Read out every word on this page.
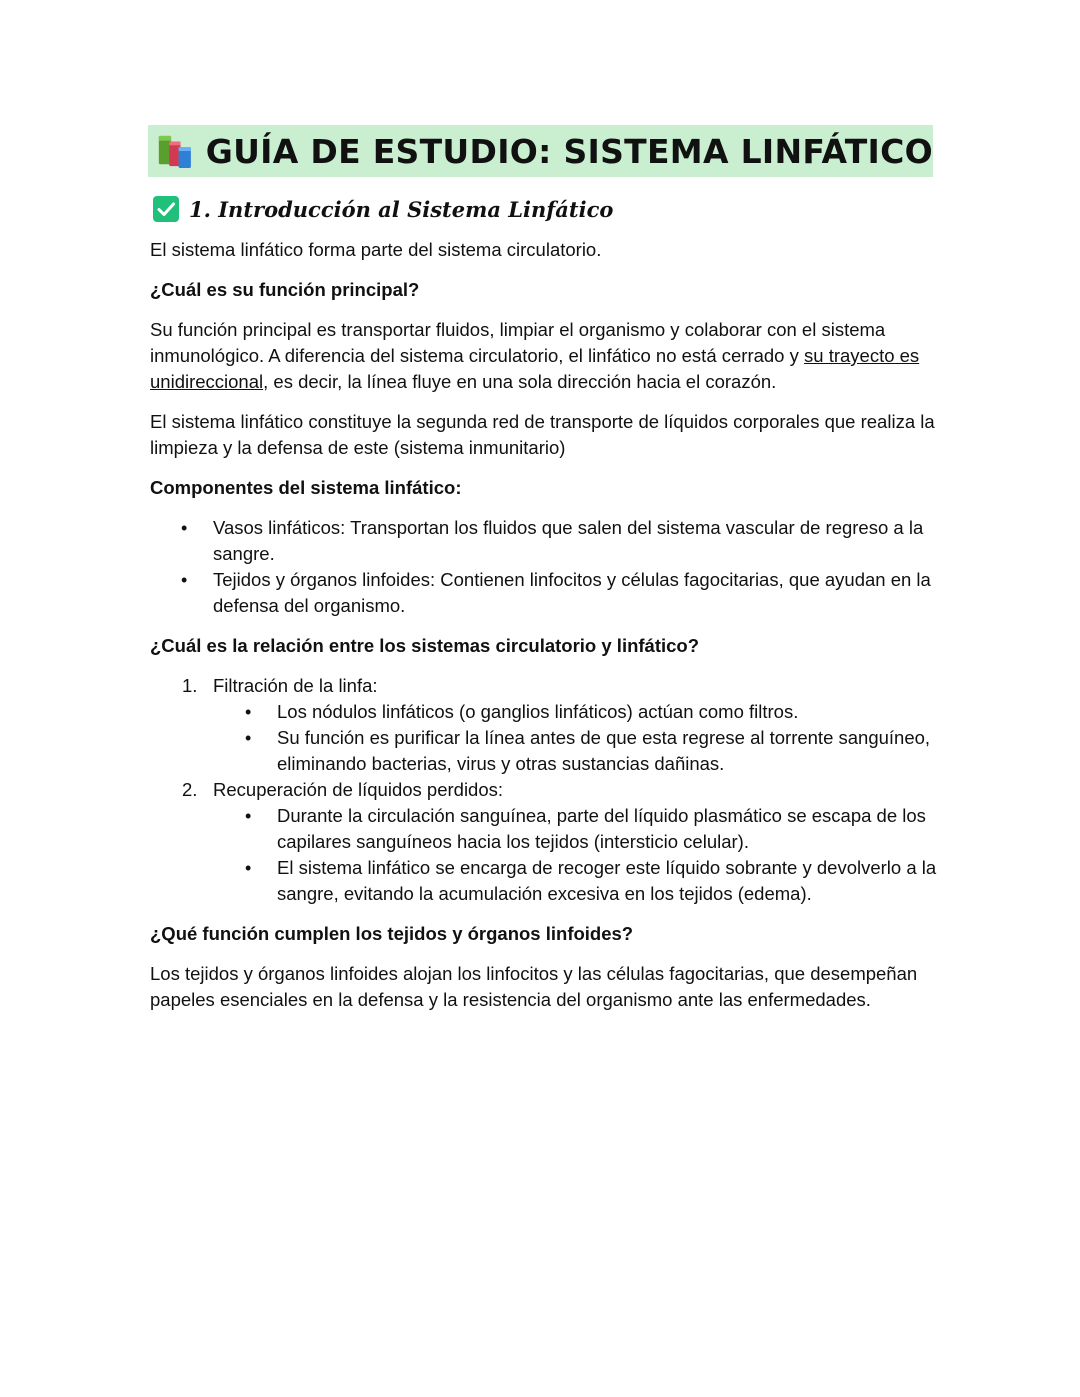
GUÍA DE ESTUDIO: SISTEMA LINFÁTICO
1. Introducción al Sistema Linfático

El sistema linfático forma parte del sistema circulatorio.

¿Cuál es su función principal?

Su función principal es transportar fluidos, limpiar el organismo y colaborar con el sistema inmunológico. A diferencia del sistema circulatorio, el linfático no está cerrado y su trayecto es unidireccional, es decir, la línea fluye en una sola dirección hacia el corazón.

El sistema linfático constituye la segunda red de transporte de líquidos corporales que realiza la limpieza y la defensa de este (sistema inmunitario)

Componentes del sistema linfático:

• Vasos linfáticos: Transportan los fluidos que salen del sistema vascular de regreso a la sangre.
• Tejidos y órganos linfoides: Contienen linfocitos y células fagocitarias, que ayudan en la defensa del organismo.

¿Cuál es la relación entre los sistemas circulatorio y linfático?

1. Filtración de la linfa:
• Los nódulos linfáticos (o ganglios linfáticos) actúan como filtros.
• Su función es purificar la línea antes de que esta regrese al torrente sanguíneo, eliminando bacterias, virus y otras sustancias dañinas.
2. Recuperación de líquidos perdidos:
• Durante la circulación sanguínea, parte del líquido plasmático se escapa de los capilares sanguíneos hacia los tejidos (intersticio celular).
• El sistema linfático se encarga de recoger este líquido sobrante y devolverlo a la sangre, evitando la acumulación excesiva en los tejidos (edema).

¿Qué función cumplen los tejidos y órganos linfoides?

Los tejidos y órganos linfoides alojan los linfocitos y las células fagocitarias, que desempeñan papeles esenciales en la defensa y la resistencia del organismo ante las enfermedades.
